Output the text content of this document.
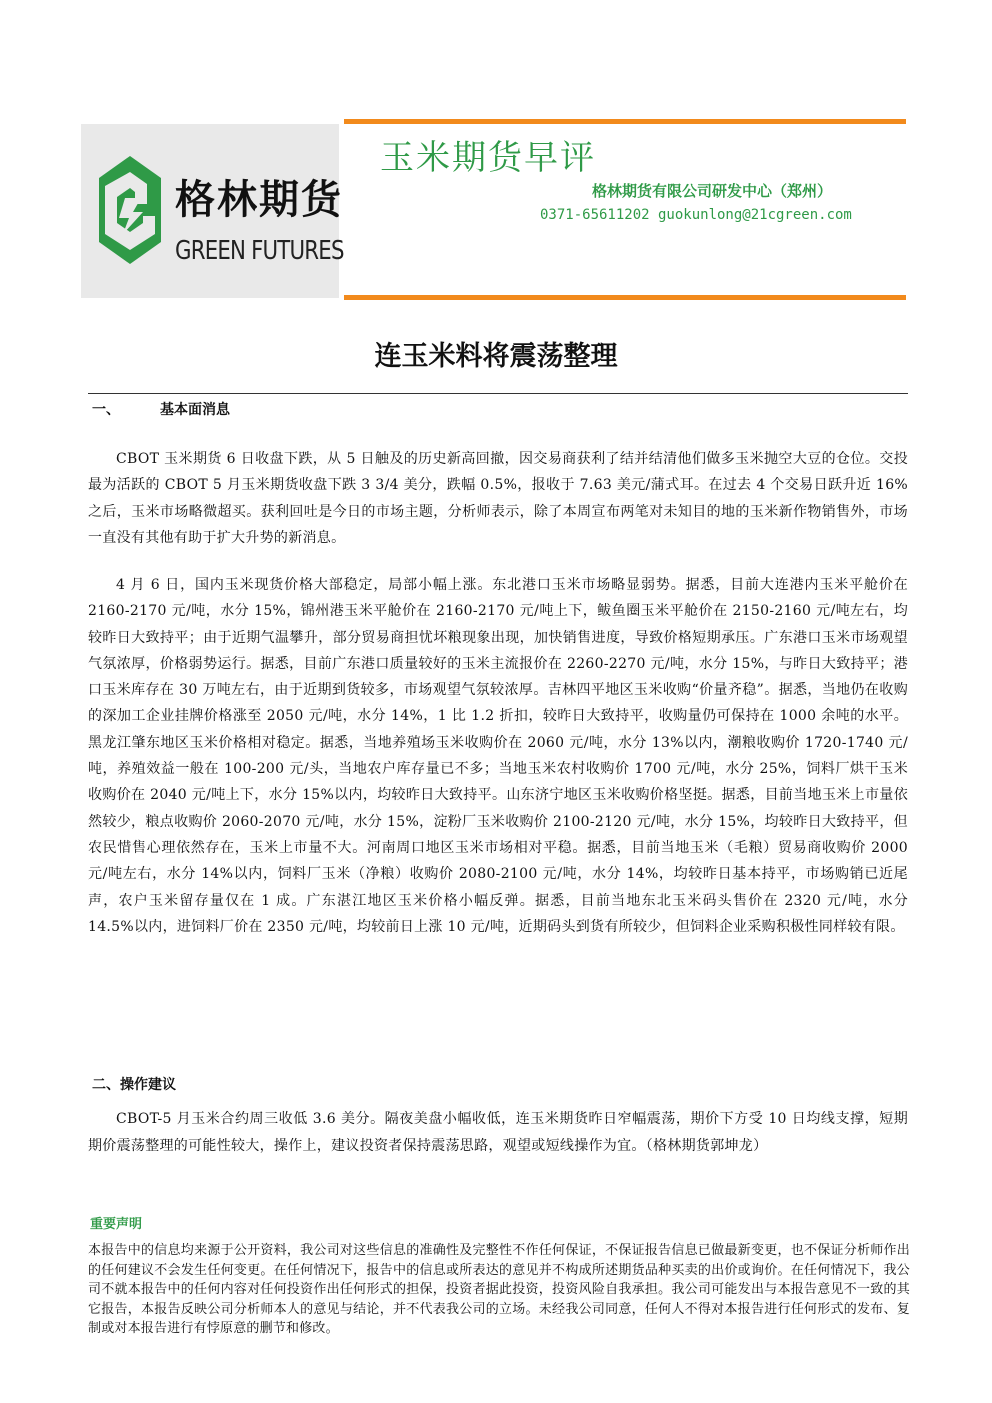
格林期货
GREEN FUTURES
玉米期货早评
格林期货有限公司研发中心（郑州）
0371-65611202 guokunlong@21cgreen.com
连玉米料将震荡整理
一、	基本面消息

CBOT 玉米期货 6 日收盘下跌，从 5 日触及的历史新高回撤，因交易商获利了结并结清他们做多玉米抛空大豆的仓位。交投最为活跃的 CBOT 5 月玉米期货收盘下跌 3 3/4 美分，跌幅 0.5%，报收于 7.63 美元/蒲式耳。在过去 4 个交易日跃升近 16%之后，玉米市场略微超买。获利回吐是今日的市场主题，分析师表示，除了本周宣布两笔对未知目的地的玉米新作物销售外，市场一直没有其他有助于扩大升势的新消息。

4 月 6 日，国内玉米现货价格大部稳定，局部小幅上涨。东北港口玉米市场略显弱势。据悉，目前大连港内玉米平舱价在 2160-2170 元/吨，水分 15%，锦州港玉米平舱价在 2160-2170 元/吨上下，鲅鱼圈玉米平舱价在 2150-2160 元/吨左右，均较昨日大致持平；由于近期气温攀升，部分贸易商担忧坏粮现象出现，加快销售进度，导致价格短期承压。广东港口玉米市场观望气氛浓厚，价格弱势运行。据悉，目前广东港口质量较好的玉米主流报价在 2260-2270 元/吨，水分 15%，与昨日大致持平；港口玉米库存在 30 万吨左右，由于近期到货较多，市场观望气氛较浓厚。吉林四平地区玉米收购“价量齐稳”。据悉，当地仍在收购的深加工企业挂牌价格涨至 2050 元/吨，水分 14%，1 比 1.2 折扣，较昨日大致持平，收购量仍可保持在 1000 余吨的水平。黑龙江肇东地区玉米价格相对稳定。据悉，当地养殖场玉米收购价在 2060 元/吨，水分 13%以内，潮粮收购价 1720-1740 元/吨，养殖效益一般在 100-200 元/头，当地农户库存量已不多；当地玉米农村收购价 1700 元/吨，水分 25%，饲料厂烘干玉米收购价在 2040 元/吨上下，水分 15%以内，均较昨日大致持平。山东济宁地区玉米收购价格坚挺。据悉，目前当地玉米上市量依然较少，粮点收购价 2060-2070 元/吨，水分 15%，淀粉厂玉米收购价 2100-2120 元/吨，水分 15%，均较昨日大致持平，但农民惜售心理依然存在，玉米上市量不大。河南周口地区玉米市场相对平稳。据悉，目前当地玉米（毛粮）贸易商收购价 2000 元/吨左右，水分 14%以内，饲料厂玉米（净粮）收购价 2080-2100 元/吨，水分 14%，均较昨日基本持平，市场购销已近尾声，农户玉米留存量仅在 1 成。广东湛江地区玉米价格小幅反弹。据悉，目前当地东北玉米码头售价在 2320 元/吨，水分 14.5%以内，进饲料厂价在 2350 元/吨，均较前日上涨 10 元/吨，近期码头到货有所较少，但饲料企业采购积极性同样较有限。

二、操作建议

CBOT-5 月玉米合约周三收低 3.6 美分。隔夜美盘小幅收低，连玉米期货昨日窄幅震荡，期价下方受 10 日均线支撑，短期期价震荡整理的可能性较大，操作上，建议投资者保持震荡思路，观望或短线操作为宜。（格林期货郭坤龙）

重要声明

本报告中的信息均来源于公开资料，我公司对这些信息的准确性及完整性不作任何保证，不保证报告信息已做最新变更，也不保证分析师作出的任何建议不会发生任何变更。在任何情况下，报告中的信息或所表达的意见并不构成所述期货品种买卖的出价或询价。在任何情况下，我公司不就本报告中的任何内容对任何投资作出任何形式的担保，投资者据此投资，投资风险自我承担。我公司可能发出与本报告意见不一致的其它报告，本报告反映公司分析师本人的意见与结论，并不代表我公司的立场。未经我公司同意，任何人不得对本报告进行任何形式的发布、复制或对本报告进行有悖原意的删节和修改。
